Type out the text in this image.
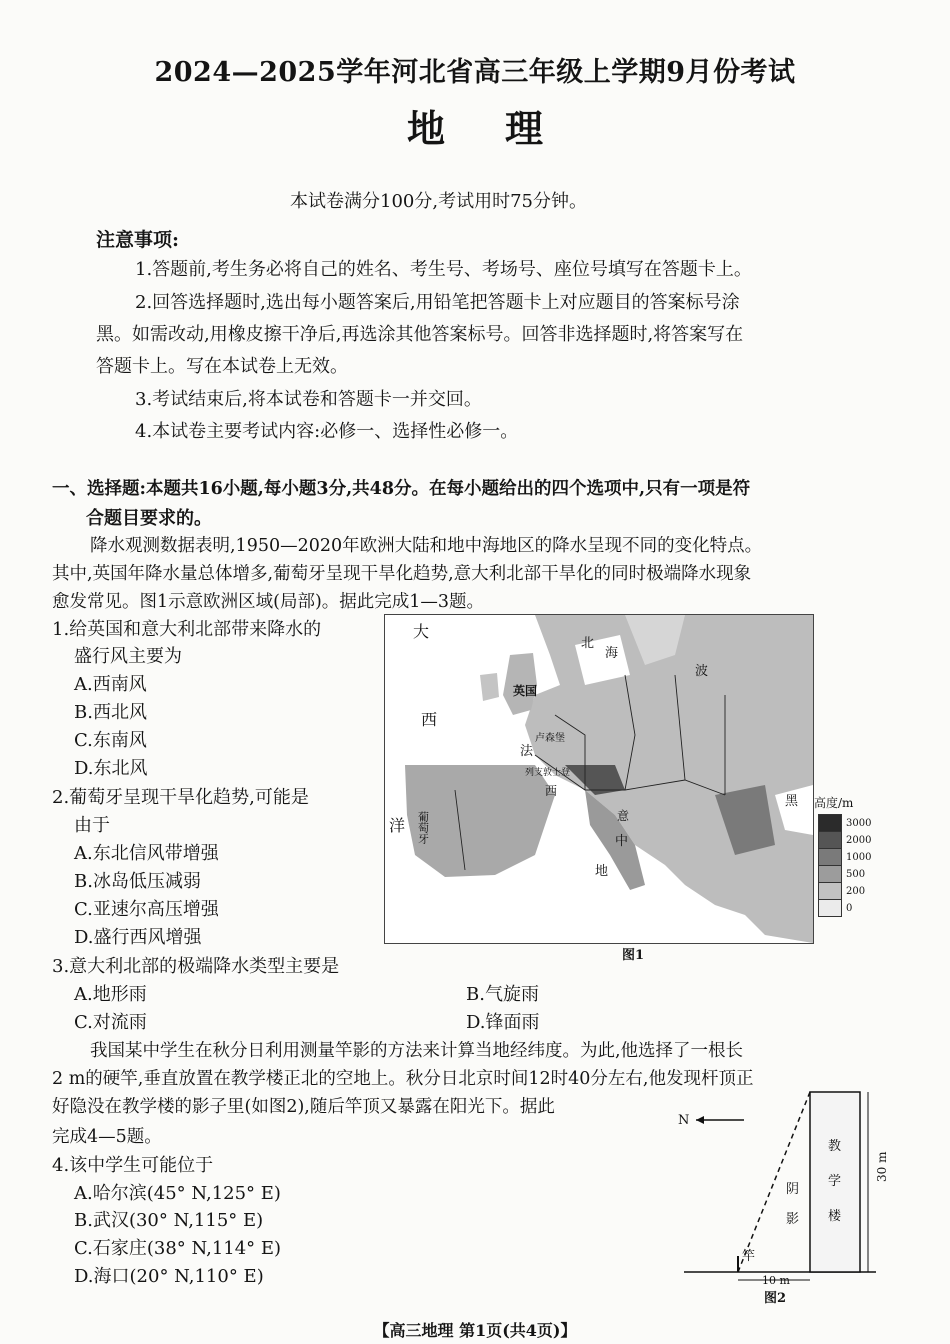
2024—2025学年河北省高三年级上学期9月份考试
地理
本试卷满分100分,考试用时75分钟。
注意事项:
1.答题前,考生务必将自己的姓名、考生号、考场号、座位号填写在答题卡上。
2.回答选择题时,选出每小题答案后,用铅笔把答题卡上对应题目的答案标号涂
黑。如需改动,用橡皮擦干净后,再选涂其他答案标号。回答非选择题时,将答案写在
答题卡上。写在本试卷上无效。
3.考试结束后,将本试卷和答题卡一并交回。
4.本试卷主要考试内容:必修一、选择性必修一。
一、选择题:本题共16小题,每小题3分,共48分。在每小题给出的四个选项中,只有一项是符
合题目要求的。
降水观测数据表明,1950—2020年欧洲大陆和地中海地区的降水呈现不同的变化特点。
其中,英国年降水量总体增多,葡萄牙呈现干旱化趋势,意大利北部干旱化的同时极端降水现象
愈发常见。图1示意欧洲区域(局部)。据此完成1—3题。
1.给英国和意大利北部带来降水的
盛行风主要为
A.西南风
B.西北风
C.东南风
D.东北风
2.葡萄牙呈现干旱化趋势,可能是
由于
A.东北信风带增强
B.冰岛低压减弱
C.亚速尔高压增强
D.盛行西风增强
3.意大利北部的极端降水类型主要是
A.地形雨	B.气旋雨
C.对流雨	D.锋面雨
我国某中学生在秋分日利用测量竿影的方法来计算当地经纬度。为此,他选择了一根长
2 m的硬竿,垂直放置在教学楼正北的空地上。秋分日北京时间12时40分左右,他发现杆顶正
好隐没在教学楼的影子里(如图2),随后竿顶又暴露在阳光下。据此
完成4—5题。
4.该中学生可能位于
A.哈尔滨(45° N,125° E)
B.武汉(30° N,115° E)
C.石家庄(38° N,114° E)
D.海口(20° N,110° E)
大
西
洋
北
海
英国
卢森堡
法
列支敦士登
西
波
中
地
黑
葡萄牙	意
高度/m
3000
2000
1000
500
200
0
图1
N
教
学
楼
阴
影
竿
30 m
10 m
图2
【高三地理 第1页(共4页)】
